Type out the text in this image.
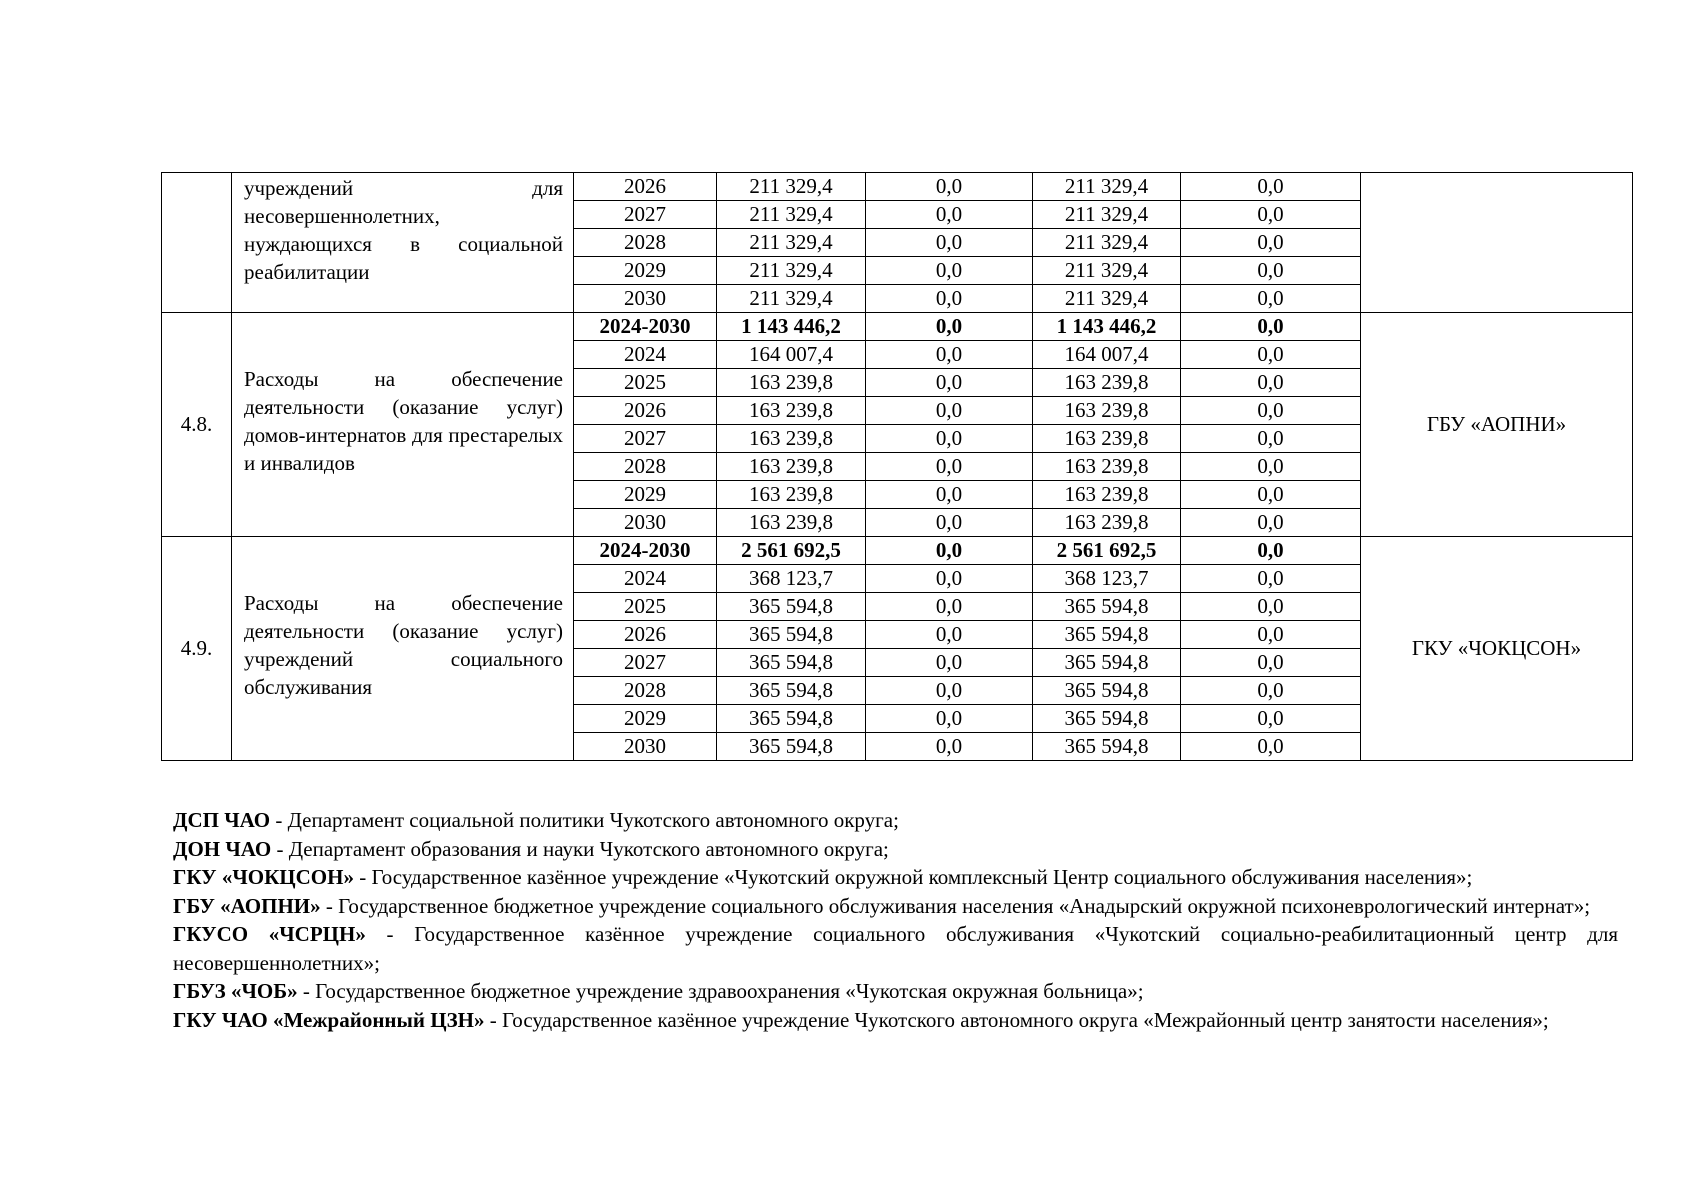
	учреждений для несовершеннолетних, нуждающихся в социальной реабилитации	2026	211 329,4	0,0	211 329,4	0,0	
		2027	211 329,4	0,0	211 329,4	0,0	
		2028	211 329,4	0,0	211 329,4	0,0	
		2029	211 329,4	0,0	211 329,4	0,0	
		2030	211 329,4	0,0	211 329,4	0,0	
4.8.	Расходы на обеспечение деятельности (оказание услуг) домов-интернатов для престарелых и инвалидов	2024-2030	1 143 446,2	0,0	1 143 446,2	0,0	ГБУ «АОПНИ»
		2024	164 007,4	0,0	164 007,4	0,0	
		2025	163 239,8	0,0	163 239,8	0,0	
		2026	163 239,8	0,0	163 239,8	0,0	
		2027	163 239,8	0,0	163 239,8	0,0	
		2028	163 239,8	0,0	163 239,8	0,0	
		2029	163 239,8	0,0	163 239,8	0,0	
		2030	163 239,8	0,0	163 239,8	0,0	
4.9.	Расходы на обеспечение деятельности (оказание услуг) учреждений социального обслуживания	2024-2030	2 561 692,5	0,0	2 561 692,5	0,0	ГКУ «ЧОКЦСОН»
		2024	368 123,7	0,0	368 123,7	0,0	
		2025	365 594,8	0,0	365 594,8	0,0	
		2026	365 594,8	0,0	365 594,8	0,0	
		2027	365 594,8	0,0	365 594,8	0,0	
		2028	365 594,8	0,0	365 594,8	0,0	
		2029	365 594,8	0,0	365 594,8	0,0	
		2030	365 594,8	0,0	365 594,8	0,0	

ДСП ЧАО - Департамент социальной политики Чукотского автономного округа;

ДОН ЧАО - Департамент образования и науки Чукотского автономного округа;

ГКУ «ЧОКЦСОН» - Государственное казённое учреждение «Чукотский окружной комплексный Центр социального обслуживания населения»;

ГБУ «АОПНИ» - Государственное бюджетное учреждение социального обслуживания населения «Анадырский окружной психоневрологический интернат»;

ГКУСО «ЧСРЦН» - Государственное казённое учреждение социального обслуживания «Чукотский социально-реабилитационный центр для несовершеннолетних»;

ГБУЗ «ЧОБ» - Государственное бюджетное учреждение здравоохранения «Чукотская окружная больница»;

ГКУ ЧАО «Межрайонный ЦЗН» - Государственное казённое учреждение Чукотского автономного округа «Межрайонный центр занятости населения»;
